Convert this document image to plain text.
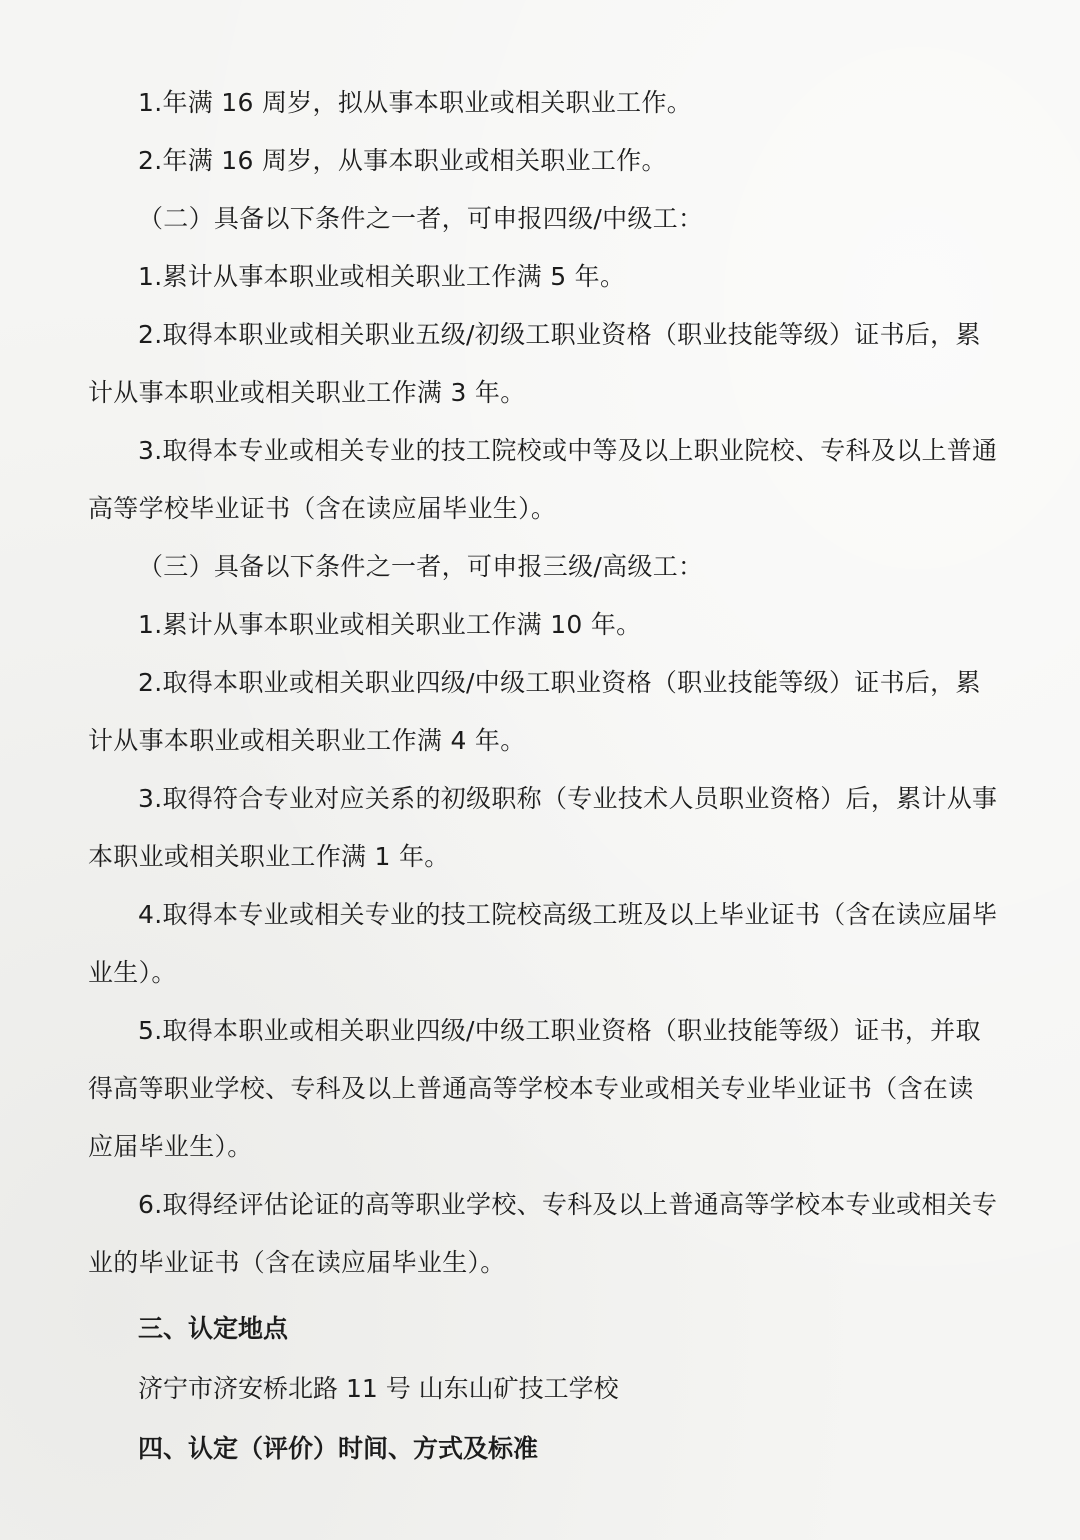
1.年满 16 周岁，拟从事本职业或相关职业工作。

2.年满 16 周岁，从事本职业或相关职业工作。

（二）具备以下条件之一者，可申报四级/中级工：

1.累计从事本职业或相关职业工作满 5 年。

2.取得本职业或相关职业五级/初级工职业资格（职业技能等级）证书后，累计从事本职业或相关职业工作满 3 年。

3.取得本专业或相关专业的技工院校或中等及以上职业院校、专科及以上普通高等学校毕业证书（含在读应届毕业生）。

（三）具备以下条件之一者，可申报三级/高级工：

1.累计从事本职业或相关职业工作满 10 年。

2.取得本职业或相关职业四级/中级工职业资格（职业技能等级）证书后，累计从事本职业或相关职业工作满 4 年。

3.取得符合专业对应关系的初级职称（专业技术人员职业资格）后，累计从事本职业或相关职业工作满 1 年。

4.取得本专业或相关专业的技工院校高级工班及以上毕业证书（含在读应届毕业生）。

5.取得本职业或相关职业四级/中级工职业资格（职业技能等级）证书，并取得高等职业学校、专科及以上普通高等学校本专业或相关专业毕业证书（含在读应届毕业生）。

6.取得经评估论证的高等职业学校、专科及以上普通高等学校本专业或相关专业的毕业证书（含在读应届毕业生）。

三、认定地点

济宁市济安桥北路 11 号 山东山矿技工学校

四、认定（评价）时间、方式及标准
